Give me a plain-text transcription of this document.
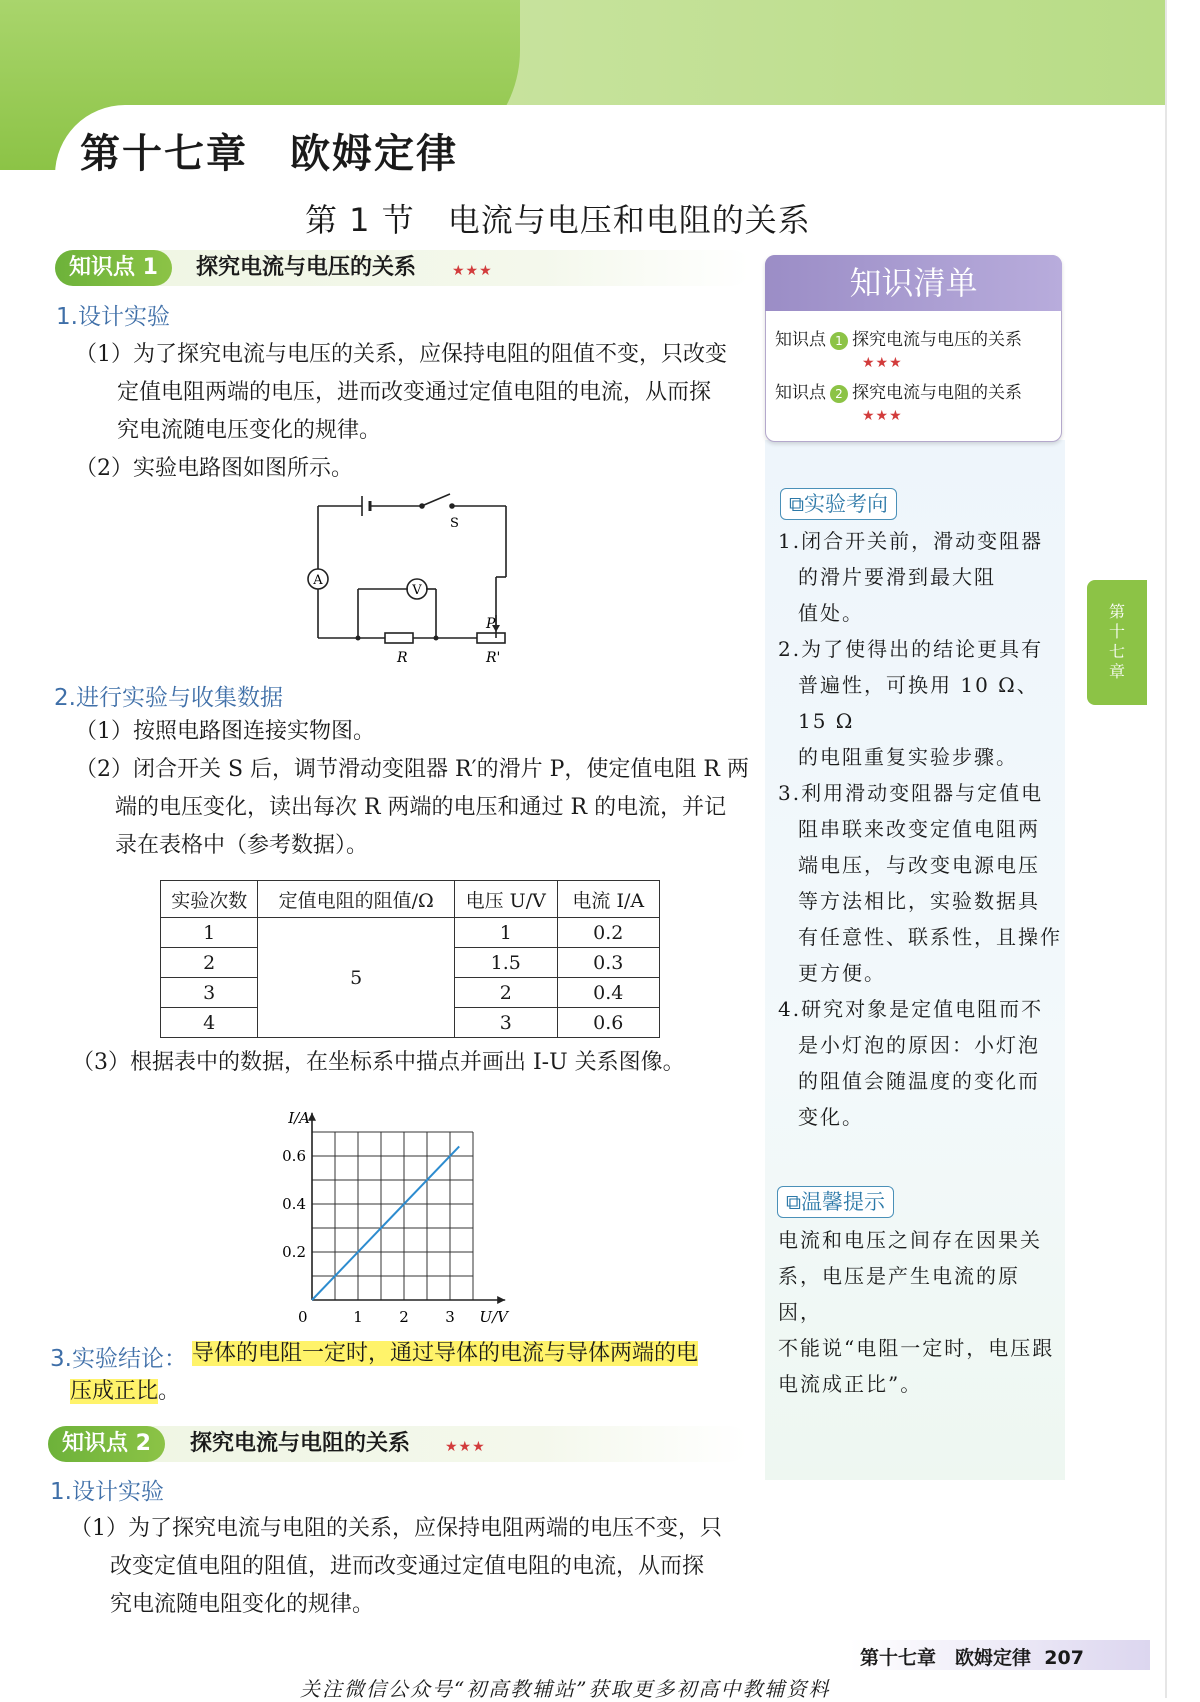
第十七章　欧姆定律
第 1 节　电流与电压和电阻的关系
知识点 1	探究电流与电压的关系	★★★
1.设计实验
（1）为了探究电流与电压的关系，应保持电阻的阻值不变，只改变
定值电阻两端的电压，进而改变通过定值电阻的电流，从而探
究电流随电压变化的规律。
（2）实验电路图如图所示。
A
V
S
P
R	R'
2.进行实验与收集数据
（1）按照电路图连接实物图。
（2）闭合开关 S 后，调节滑动变阻器 R′的滑片 P，使定值电阻 R 两
端的电压变化，读出每次 R 两端的电压和通过 R 的电流，并记
录在表格中（参考数据）。
实验次数	定值电阻的阻值/Ω	电压 U/V	电流 I/A
1	5	1	0.2
2		1.5	0.3
3		2	0.4
4		3	0.6
（3）根据表中的数据，在坐标系中描点并画出 I-U 关系图像。
1 2 3
0.2
0.4
0.6
0	U/V
I/A
3.实验结论： 导体的电阻一定时，通过导体的电流与导体两端的电
压成正比。
知识点 2	探究电流与电阻的关系 ★★★
1.设计实验
（1）为了探究电流与电阻的关系，应保持电阻两端的电压不变，只
改变定值电阻的阻值，进而改变通过定值电阻的电流，从而探
究电流随电阻变化的规律。
知识清单
知识点 1 探究电流与电压的关系
★★★
知识点 2 探究电流与电阻的关系
★★★
⧉实验考向
1.闭合开关前，滑动变阻器
的滑片要滑到最大阻
值处。
2.为了使得出的结论更具有
普遍性，可换用 10 Ω、15 Ω
的电阻重复实验步骤。
3.利用滑动变阻器与定值电
阻串联来改变定值电阻两
端电压，与改变电源电压
等方法相比，实验数据具
有任意性、联系性，且操作
更方便。
4.研究对象是定值电阻而不
是小灯泡的原因：小灯泡
的阻值会随温度的变化而
变化。
⧉温馨提示
电流和电压之间存在因果关
系，电压是产生电流的原因，
不能说“电阻一定时，电压跟
电流成正比”。
第十七章
第十七章　欧姆定律 207
关注微信公众号“初高教辅站”获取更多初高中教辅资料
